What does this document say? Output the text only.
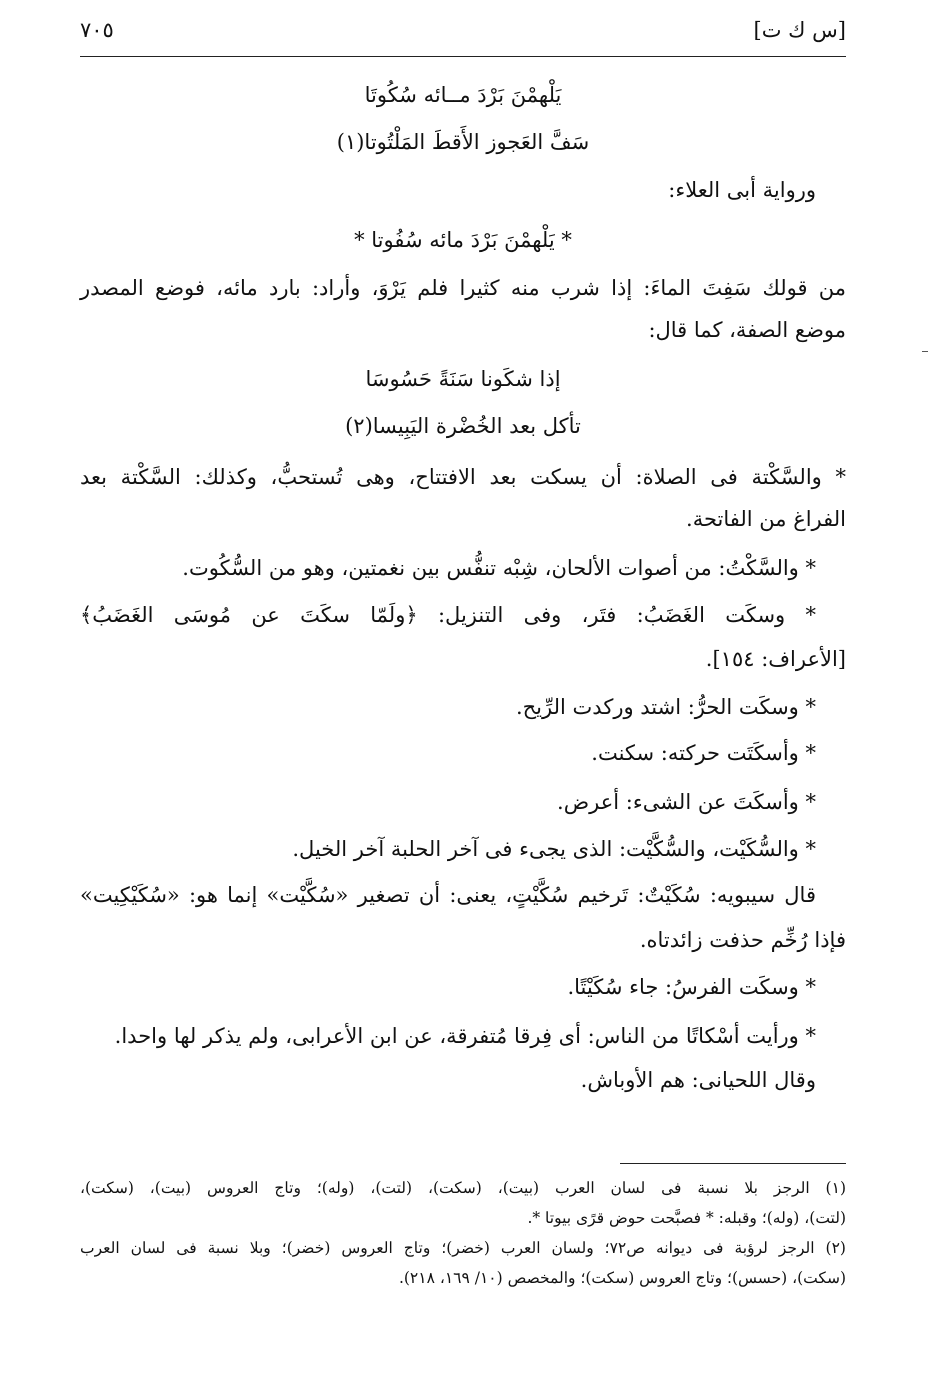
[س ك ت]
٧٠٥
يَلْهمْنَ بَرْدَ مــائه سُكُوتَا
سَفَّ العَجوز الأَقطَ المَلْتُوتا(١)
ورواية أبى العلاء:
* يَلْهمْنَ بَرْدَ مائه سُفُوتا *
من قولك سَفِتَ الماءَ: إذا شرب منه كثيرا فلم يَرْوَ، وأراد: بارد مائه، فوضع المصدر
موضع الصفة، كما قال:
إذا شكَونا سَنَةً حَسُوسَا
تأكل بعد الخُضْرة اليَبِيسا(٢)
* والسَّكْتة فى الصلاة: أن يسكت بعد الافتتاح، وهى تُستحبُّ، وكذلك: السَّكْتة بعد
الفراغ من الفاتحة.
* والسَّكْتُ: من أصوات الألحان، شِبْه تنفُّس بين نغمتين، وهو من السُّكُوت.
* وسكَت الغَضَبُ: فتَر، وفى التنزيل: ﴿ولَمّا سكَتَ عن مُوسَى الغَضَبُ﴾
[الأعراف: ١٥٤].
* وسكَت الحرُّ: اشتد وركدت الرِّيح.
* وأسكَتَت حركته: سكنت.
* وأسكَتَ عن الشىء: أعرض.
* والسُّكَيْت، والسُّكَّيْت: الذى يجىء فى آخر الحلبة آخر الخيل.
قال سيبويه: سُكَيْتٌ: تَرخيم سُكَّيْتٍ، يعنى: أن تصغير «سُكَّيْت» إنما هو: «سُكَيْكِيت»
فإذا رُخِّم حذفت زائدتاه.
* وسكَت الفرسُ: جاء سُكَيْتًا.
* ورأيت أسْكاتًا من الناس: أى فِرقا مُتفرقة، عن ابن الأعرابى، ولم يذكر لها واحدا.
وقال اللحيانى: هم الأوباش.
(١) الرجز بلا نسبة فى لسان العرب (بيت)، (سكت)، (لتت)، (وله)؛ وتاج العروس (بيت)، (سكت)،
(لتت)، (وله)؛ وقبله: * فصبَّحت حوض قرًى بيوتا *.
(٢) الرجز لرؤبة فى ديوانه ص٧٢؛ ولسان العرب (خضر)؛ وتاج العروس (خضر)؛ وبلا نسبة فى لسان العرب
(سكت)، (حسس)؛ وتاج العروس (سكت)؛ والمخصص (١٠/ ١٦٩، ٢١٨).
